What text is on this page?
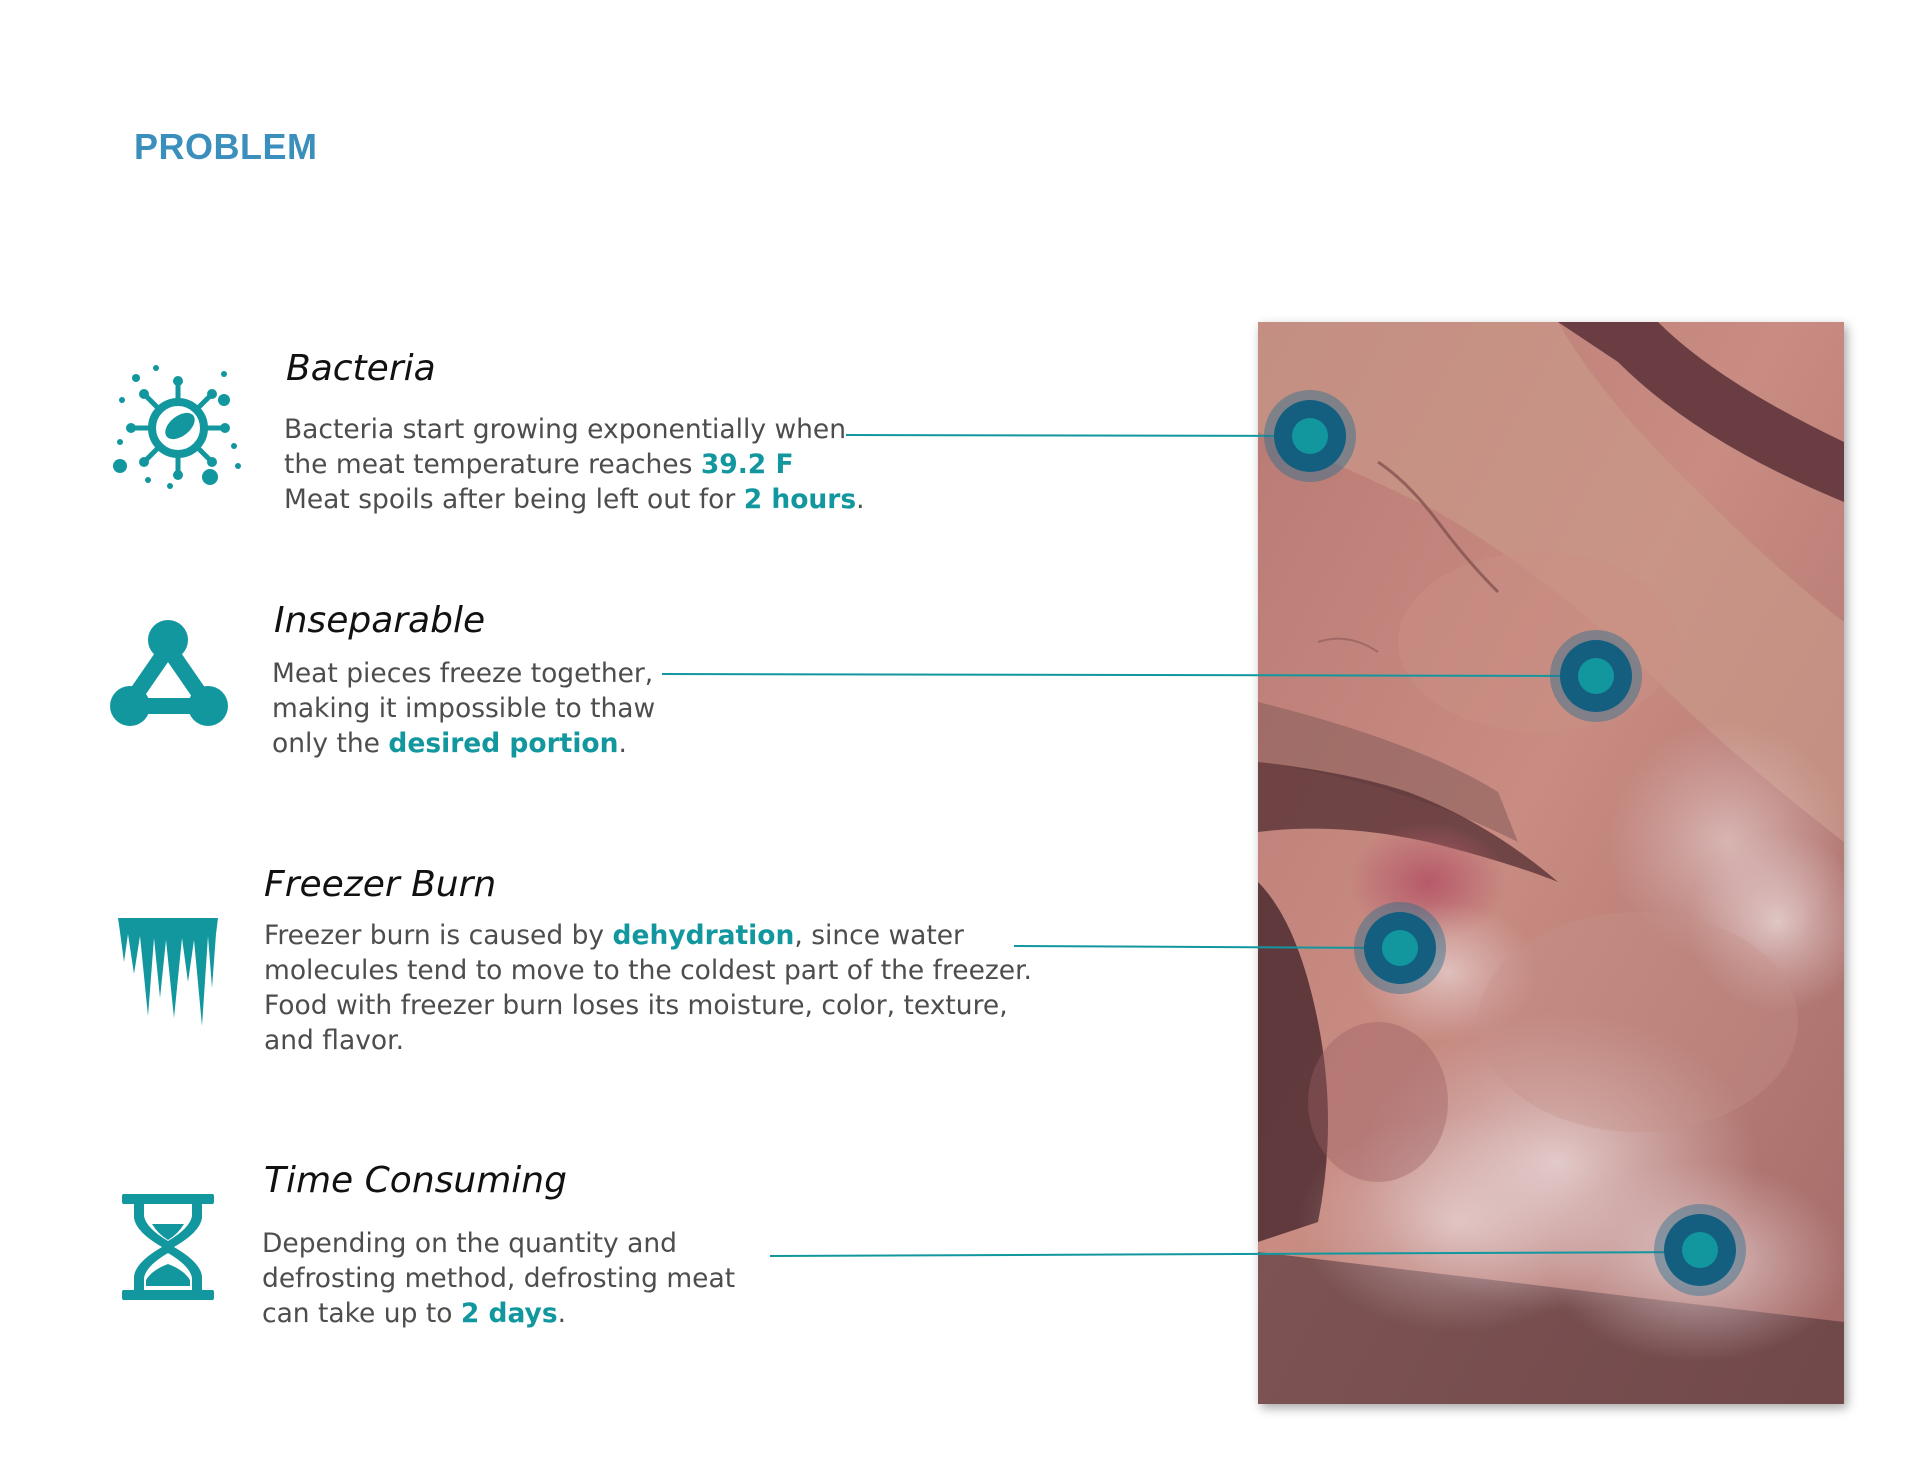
PROBLEM
Bacteria

Bacteria start growing exponentially when
the meat temperature reaches 39.2 F
Meat spoils after being left out for 2 hours.

Inseparable

Meat pieces freeze together,
making it impossible to thaw
only the desired portion.

Freezer Burn

Freezer burn is caused by dehydration, since water
molecules tend to move to the coldest part of the freezer.
Food with freezer burn loses its moisture, color, texture,
and flavor.

Time Consuming

Depending on the quantity and
defrosting method, defrosting meat
can take up to 2 days.
